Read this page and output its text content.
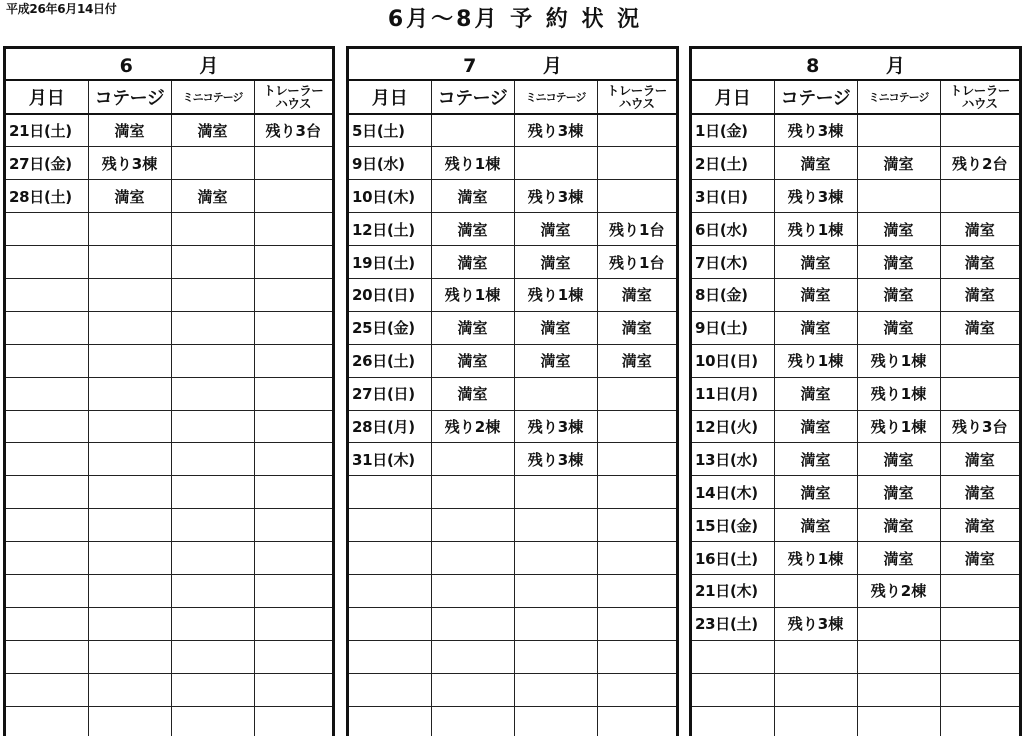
平成26年6月14日付	6月〜8月 予 約 状 況
6 月
月日	コテージ	ミニコテージ	トレーラー
ハウス

21日(土)	満室	満室	残り3台
27日(金)	残り3棟		
28日(土)	満室	満室	

7 月
月日	コテージ	ミニコテージ	トレーラー
ハウス

5日(土)		残り3棟	
9日(水)	残り1棟		
10日(木)	満室	残り3棟	
12日(土)	満室	満室	残り1台
19日(土)	満室	満室	残り1台
20日(日)	残り1棟	残り1棟	満室
25日(金)	満室	満室	満室
26日(土)	満室	満室	満室
27日(日)	満室		
28日(月)	残り2棟	残り3棟	
31日(木)		残り3棟	

8 月
月日	コテージ	ミニコテージ	トレーラー
ハウス

1日(金)	残り3棟		
2日(土)	満室	満室	残り2台
3日(日)	残り3棟		
6日(水)	残り1棟	満室	満室
7日(木)	満室	満室	満室
8日(金)	満室	満室	満室
9日(土)	満室	満室	満室
10日(日)	残り1棟	残り1棟	
11日(月)	満室	残り1棟	
12日(火)	満室	残り1棟	残り3台
13日(水)	満室	満室	満室
14日(木)	満室	満室	満室
15日(金)	満室	満室	満室
16日(土)	残り1棟	満室	満室
21日(木)		残り2棟	
23日(土)	残り3棟		
